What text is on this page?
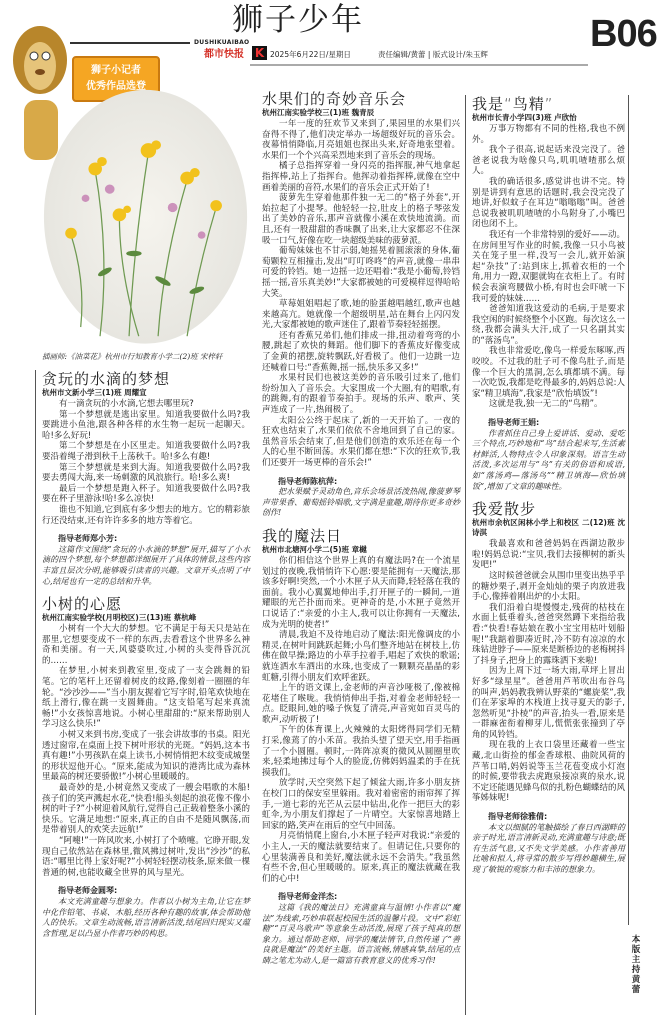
狮子小记者
优秀作品选登
狮子少年
DUSHIKUAIBAO
都市快报 K 2025年6月22日/星期日	责任编辑/黄蕾 | 版式设计/朱玉辉	B06
本版主持 黄蕾
插画师:《油菜花》杭州市行知教育小学二(2)班 宋梓轩
贪玩的水滴的梦想
杭州市文新小学三(1)班 周耀宣

有一滴贪玩的小水滴,它想去哪里玩?

第一个梦想就是逃出家里。知道我要做什么吗?我要跳进小鱼池,跟各种各样的水生物一起玩一起聊天。哈!多么好玩!

第二个梦想是在小区里走。知道我要做什么吗?我要沿着绳子滑到秋千上荡秋千。哈!多么有趣!

第三个梦想就是来到大海。知道我要做什么吗?我要去勇闯大海,来一场刺激的风浪旅行。哈!多么爽!

最后一个梦想是跑入杯子。知道我要做什么吗?我要在杯子里游泳!哈!多么凉快!

谁也不知道,它到底有多少想去的地方。它的精彩旅行还没结束,还有许许多多的地方等着它。

指导老师郑小芳:
这篇作文围绕“贪玩的小水滴的梦想”展开,描写了小水滴的四个梦想,每个梦想都详细展开了具体的情景,这些内容丰富且层次分明,能够吸引读者的兴趣。文章开头点明了中心,结尾也有一定的总结和升华。
小树的心愿
杭州江南实验学校(月明校区)三(13)班 蔡杭峰

小树有一个大大的梦想。它不满足于每天只是站在那里,它想要变成不一样的东西,去看看这个世界多么神奇和美丽。有一天,风婆婆吹过,小树的头变得昏沉沉的……

在梦里,小树来到教室里,变成了一支会跳舞的铅笔。它的笔杆上还留着树皮的纹路,像刻着一圈圈的年轮。“沙沙沙——”当小朋友握着它写字时,铅笔欢快地在纸上滑行,像在跳一支圆舞曲。“这支铅笔写起来真流畅!”小女孩惊喜地说。小树心里甜甜的:“原来帮助别人学习这么快乐!”

小树又来到书房,变成了一张会讲故事的书桌。阳光透过窗帘,在桌面上投下树叶形状的光斑。“妈妈,这本书真有趣!”小男孩趴在桌上读书,小树悄悄把木纹变成城堡的形状逗他开心。“原来,能成为知识的港湾比成为森林里最高的树还要骄傲!”小树心里暖暖的。

最奇妙的是,小树竟然又变成了一艘会唱歌的木船!孩子们的笑声溅起水花,“快看!船头刻起的浪花像不像小树的叶子?”小树迎着风航行,觉得自己正载着整条小溪的快乐。它满足地想:“原来,真正的自由不是随风飘荡,而是带着别人的欢笑去远航!”

“阿嚏!”一阵风吹来,小树打了个喷嚏。它睁开眼,发现自己依然站在森林里,微风拂过树叶,发出“沙沙”的私语:“哪里比得上家好呢?”小树轻轻摆动枝条,原来做一棵普通的树,也能收藏全世界的风与星光。

指导老师金圆琴:
本文充满童趣与想象力。作者以小树为主角,让它在梦中化作铅笔、书桌、木船,经历各种有趣的故事,体会帮助他人的快乐。文章生动流畅,语言清新活泼,结尾回归现实又蕴含哲理,足以凸显小作者巧妙的构思。
水果们的奇妙音乐会
杭州江南实验学校三(1)班 魏青辰

一年一度的狂欢节又来到了,果园里的水果们兴奋得不得了,他们决定举办一场超级好玩的音乐会。夜幕悄悄降临,月亮姐姐也探出头来,好奇地张望着。水果们一个个兴高采烈地来到了音乐会的现场。

橘子总指挥穿着一身闪亮的指挥服,神气地拿起指挥棒,站上了指挥台。他挥动着指挥棒,就像在空中画着美丽的音符,水果们的音乐会正式开始了!

菠萝先生穿着他那件独一无二的“格子外套”,开始拉起了小提琴。他轻轻一拉,肚皮上的格子琴弦发出了美妙的音乐,那声音就像小溪在欢快地流淌。而且,还有一股甜甜的香味飘了出来,让大家都忍不住深吸一口气,好像在吃一块超级美味的菠萝派。

葡萄妹妹也不甘示弱,她摇晃着圆滚滚的身体,葡萄颗粒互相撞击,发出“叮叮咚咚”的声音,就像一串串可爱的铃铛。她一边摇一边还唱着:“我是小葡萄,铃铛摇一摇,音乐真美妙!”大家都被她的可爱模样逗得哈哈大笑。

草莓姐姐唱起了歌,她的脸蛋越唱越红,歌声也越来越高亢。她就像一个超级明星,站在舞台上闪闪发光,大家都被她的歌声迷住了,跟着节奏轻轻摇摆。

还有香蕉兄弟们,他们排成一排,扭动着弯弯的小腰,跳起了欢快的舞蹈。他们脚下的香蕉皮好像变成了金黄的裙摆,旋转飘跃,好看极了。他们一边跳一边还喊着口号:“香蕉舞,摇一摇,快乐多又多!”

水果村民们也被这美妙的音乐吸引过来了,他们纷纷加入了音乐会。大家围成一个大圈,有的唱歌,有的跳舞,有的跟着节奏拍手。现场的乐声、歌声、笑声连成了一片,热闹极了。

太阳公公终于起床了,新的一天开始了。一夜的狂欢也结束了,水果们依依不舍地回到了自己的家。虽然音乐会结束了,但是他们创造的欢乐还在每一个人的心里不断回荡。水果们都在想:“下次的狂欢节,我们还要开一场更棒的音乐会!”

指导老师陈杭萍:
把水果赋予灵动角色,音乐会场景活泼热闹,像菠萝琴声带果香、葡萄摇铃唱歌,文字满是童趣,期待你更多奇妙创作!
我的魔法日
杭州市北塘河小学二(5)班 章樾

你们相信这个世界上真的有魔法吗?在一个流星划过的夜晚,我悄悄许下心愿:要是能拥有一天魔法,那该多好啊!突然,一个小木匣子从天而降,轻轻落在我的面前。我小心翼翼地伸出手,打开匣子的一瞬间,一道耀眼的光芒扑面而来。更神奇的是,小木匣子竟然开口说话了:“亲爱的小主人,我可以让你拥有一天魔法,成为光明的使者!”

清晨,我迫不及待地启动了魔法:阳光像调皮的小精灵,在树叶间跳跃起舞;小鸟们整齐地站在树枝上,仿佛在做早操;路边的小草手拉着手,唱起了欢快的歌谣;就连洒水车洒出的水珠,也变成了一颗颗亮晶晶的彩虹糖,引得小朋友们欢呼雀跃。

上午的语文课上,金老师的声音沙哑极了,像被棉花堵住了喉咙。我悄悄伸出手指,对着金老师轻轻一点。眨眼间,她的嗓子恢复了清亮,声音宛如百灵鸟的歌声,动听极了!

下午的体育课上,火辣辣的太阳烤得同学们无精打采,像蔫了的小禾苗。我抬头望了望天空,用手指画了一个小圆圈。顿时,一阵阵凉爽的微风从圆圈里吹来,轻柔地拂过每个人的脸庞,仿佛妈妈温柔的手在抚摸我们。

放学时,天空突然下起了倾盆大雨,许多小朋友挤在校门口的保安室里躲雨。我对着密密的雨帘挥了挥手,一道七彩的光芒从云层中钻出,化作一把巨大的彩虹伞,为小朋友们撑起了一片晴空。大家惊喜地踏上回家的路,笑声在雨后的空气中回荡。

月亮悄悄爬上窗台,小木匣子轻声对我说:“亲爱的小主人,一天的魔法就要结束了。但请记住,只要你的心里装满善良和美好,魔法就永远不会消失。”我虽然有些不舍,但心里暖暖的。原来,真正的魔法就藏在我们的心中!

指导老师金洋杰:
这篇《我的魔法日》充满童真与温情!小作者以“魔法”为线索,巧妙串联起校园生活的温馨片段。文中“彩虹糖”“百灵鸟歌声”等意象生动活泼,展现了孩子纯真的想象力。通过帮助老师、同学的魔法情节,自然传递了“善良就是魔法”的美好主题。语言流畅,情感真挚,结尾的点睛之笔尤为动人,是一篇富有教育意义的优秀习作!
我是“鸟精”
杭州市长青小学四(3)班 卢欣怡

万事万物都有不同的性格,我也不例外。

我个子很高,说起话来没完没了。爸爸老说我为啥像只鸟,叽叽喳喳那么烦人。

我的确话很多,感觉讲也讲不完。特别是讲到有意思的话题时,我会没完没了地讲,好似蚊子在耳边“嗡嗡嗡”叫。爸爸总说我被叽叽喳喳的小鸟附身了,小嘴巴闭也闭不上。

我还有一个非常特别的爱好——动。在房间里写作业的时候,我像一只小鸟被关在笼子里一样,没写一会儿,就开始演起“杂技”了:站到床上,抓着衣柜的一个角,用力一蹬,双腿就钩在衣柜上了。有时候会表演弯腰做小桥,有时也会吓唬一下我可爱的妹妹……

爸爸知道我这爱动的毛病,于是要求我空闲的时候绕整个小区跑。每次这么一绕,我都会满头大汗,成了一只名副其实的“落汤鸟”。

我也非常爱吃,像鸟一样爱东啄啄,西咬咬。不过我的肚子可不像鸟肚子,而是像一个巨大的黑洞,怎么填都填不满。每一次吃饭,我都是吃得最多的,妈妈总说:人家“精卫填海”,我家是“欣怡填饭”!

这就是我,独一无二的“鸟精”。

指导老师王娟:
作者抓住自己身上爱讲话、爱动、爱吃三个特点,巧妙地和“鸟”结合起来写,生活素材鲜活,人物特点令人印象深刻。语言生动活泼,多次运用与“鸟”有关的俗语和成语,如“落汤鸡—落汤鸟”“精卫填海—欣怡填饭”,增加了文章的趣味性。
我爱散步
杭州市余杭区闲林小学上和校区 二(12)班 沈诗淇

我最喜欢和爸爸妈妈在西湖边散步啦!妈妈总说:“宝贝,我们去接柳树的新头发吧!”

这时候爸爸就会从围巾里变出热乎乎的糖炒栗子,剥开金灿灿的栗子肉放进我手心,像捧着刚出炉的小太阳。

我们沿着白堤慢慢走,残荷的枯枝在水面上低垂着头,爸爸突然蹲下来指给我看:“快看!春姑娘在教小宝宝用枯叶划船呢!”我踮着脚凑近时,冷不防有凉凉的水珠钻进脖子——原来是断桥边的老梅树抖了抖身子,把身上的露珠洒下来啦!

因为上周下过一场大雨,草坪上冒出好多“绿星星”。爸爸用芦苇吹出布谷鸟的叫声,妈妈教我辨认野菜的“螺旋桨”,我们在茅家埠的木栈道上找寻夏天的影子,忽然听见“扑棱”的声音,抬头一看,原来是一群麻雀衔着柳芽儿,慌慌张张撞到了亭角的风铃铛。

现在我的上衣口袋里还藏着一些宝藏,北山街捡的郁金香球根、曲院风荷的芦苇口哨,妈妈说等玉兰花苞变成小灯泡的时候,要带我去虎跑泉接凉爽的泉水,说不定还能遇见蜂鸟似的扎粉色蝴蝶结的风筝姊妹呢!

指导老师徐雅倩:
本文以细腻的笔触描绘了春日西湖畔的亲子时光,语言清新灵动,充满童趣与诗意;既有生活气息,又不失文学美感。小作者善用比喻和拟人,将寻常的散步写得妙趣横生,展现了敏锐的观察力和丰沛的想象力。
